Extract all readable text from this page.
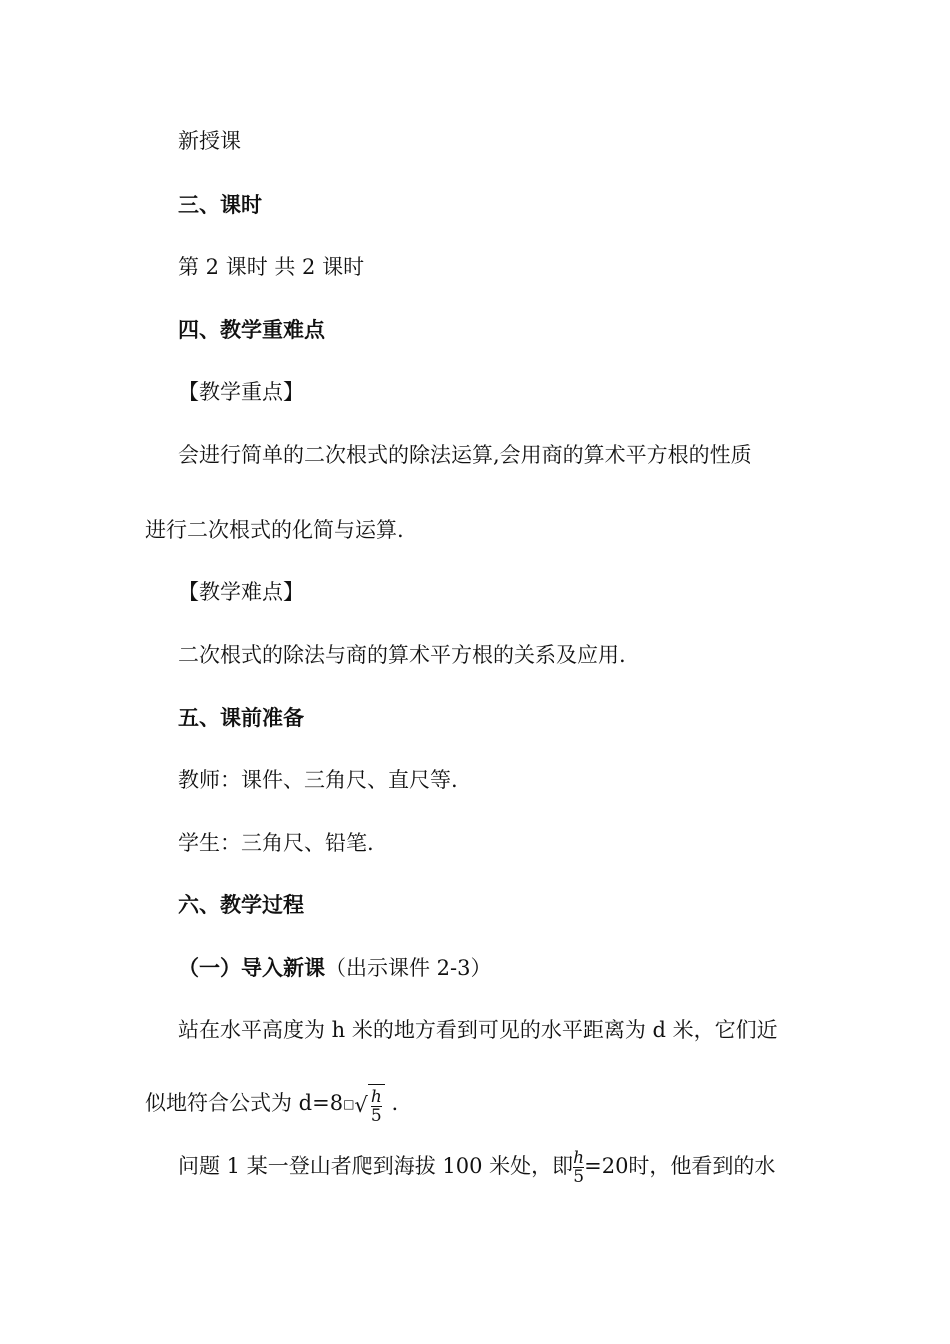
新授课
三、课时
第 2 课时 共 2 课时
四、教学重难点
【教学重点】
会进行简单的二次根式的除法运算,会用商的算术平方根的性质
进行二次根式的化简与运算.
【教学难点】
二次根式的除法与商的算术平方根的关系及应用.
五、课前准备
教师：课件、三角尺、直尺等.
学生：三角尺、铅笔.
六、教学过程
（一）导入新课（出示课件 2-3）
站在水平高度为 h 米的地方看到可见的水平距离为 d 米，它们近
似地符合公式为 $d=8^□√ \frac{h}{5}$ .
问题 1 某一登山者爬到海拔 100 米处，即 $\frac{h}{5} =20$时，他看到的水
